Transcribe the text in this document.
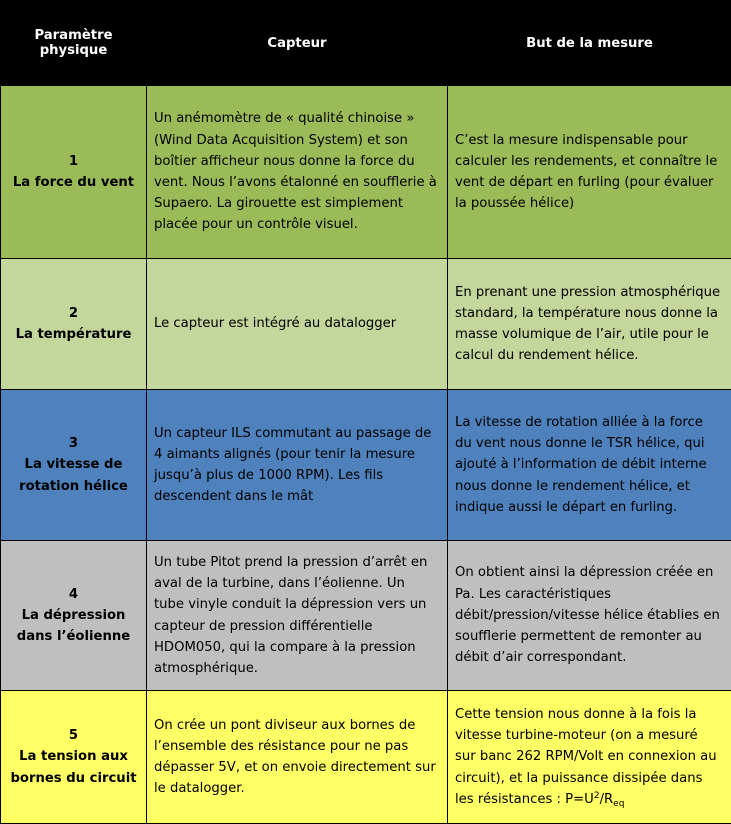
Paramètre physique	Capteur	But de la mesure

1
La force du vent	Un anémomètre de « qualité chinoise » (Wind Data Acquisition System) et son boîtier afficheur nous donne la force du vent. Nous l’avons étalonné en soufflerie à Supaero. La girouette est simplement placée pour un contrôle visuel.	C’est la mesure indispensable pour calculer les rendements, et connaître le vent de départ en furling (pour évaluer la poussée hélice)

2
La température	Le capteur est intégré au datalogger	En prenant une pression atmosphérique standard, la température nous donne la masse volumique de l’air, utile pour le calcul du rendement hélice.

3
La vitesse de rotation hélice	Un capteur ILS commutant au passage de 4 aimants alignés (pour tenir la mesure jusqu’à plus de 1000 RPM). Les fils descendent dans le mât	La vitesse de rotation alliée à la force du vent nous donne le TSR hélice, qui ajouté à l’information de débit interne nous donne le rendement hélice, et indique aussi le départ en furling.

4
La dépression dans l’éolienne	Un tube Pitot prend la pression d’arrêt en aval de la turbine, dans l’éolienne. Un tube vinyle conduit la dépression vers un capteur de pression différentielle HDOM050, qui la compare à la pression atmosphérique.	On obtient ainsi la dépression créée en Pa. Les caractéristiques débit/pression/vitesse hélice établies en soufflerie permettent de remonter au débit d’air correspondant.

5
La tension aux bornes du circuit	On crée un pont diviseur aux bornes de l’ensemble des résistance pour ne pas dépasser 5V, et on envoie directement sur le datalogger.	Cette tension nous donne à la fois la vitesse turbine-moteur (on a mesuré sur banc 262 RPM/Volt en connexion au circuit), et la puissance dissipée dans les résistances : $P=U^2/R_{eq}$
